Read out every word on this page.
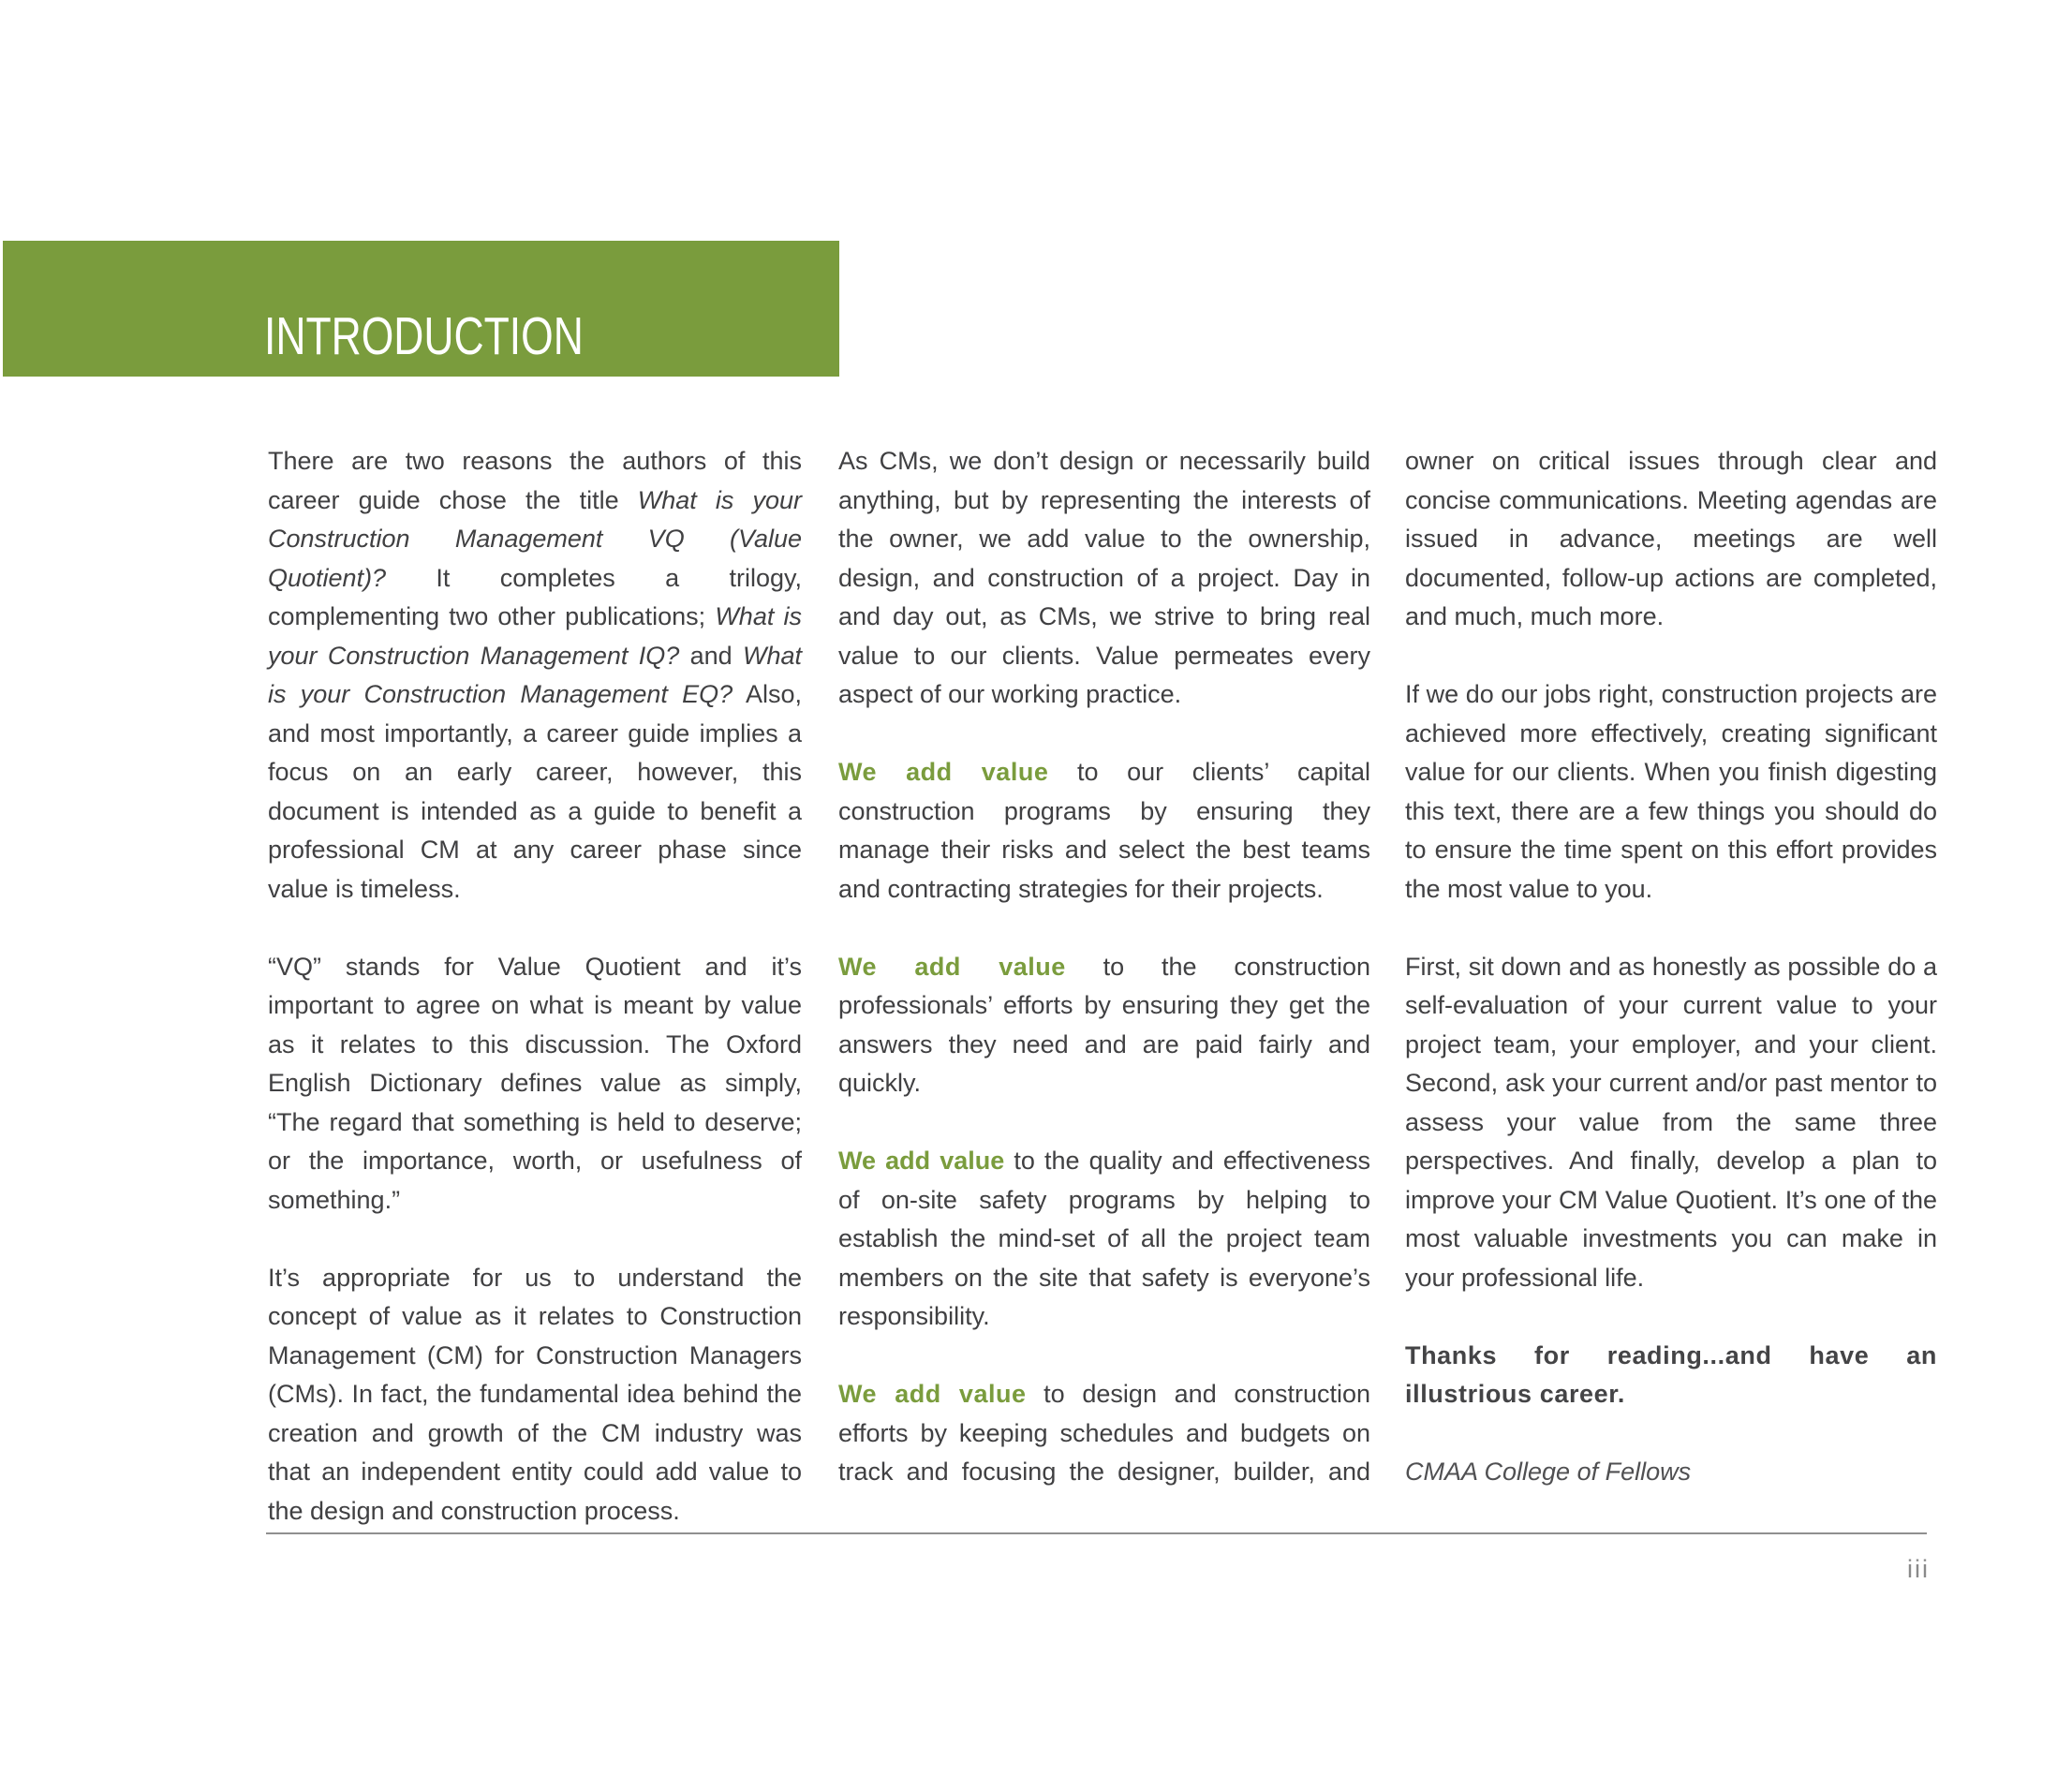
INTRODUCTION

There are two reasons the authors of this career guide chose the title What is your Construction Management VQ (Value Quotient)? It completes a trilogy, complementing two other publications; What is your Construction Management IQ? and What is your Construction Management EQ? Also, and most importantly, a career guide implies a focus on an early career, however, this document is intended as a guide to benefit a professional CM at any career phase since value is timeless.

“VQ” stands for Value Quotient and it’s important to agree on what is meant by value as it relates to this discussion. The Oxford English Dictionary defines value as simply, “The regard that something is held to deserve; or the importance, worth, or usefulness of something.”

It’s appropriate for us to understand the concept of value as it relates to Construction Management (CM) for Construction Managers (CMs). In fact, the fundamental idea behind the creation and growth of the CM industry was that an independent entity could add value to the design and construction process.

As CMs, we don’t design or necessarily build anything, but by representing the interests of the owner, we add value to the ownership, design, and construction of a project. Day in and day out, as CMs, we strive to bring real value to our clients. Value permeates every aspect of our working practice.

We add value to our clients’ capital construction programs by ensuring they manage their risks and select the best teams and contracting strategies for their projects.

We add value to the construction professionals’ efforts by ensuring they get the answers they need and are paid fairly and quickly.

We add value to the quality and effectiveness of on-site safety programs by helping to establish the mind-set of all the project team members on the site that safety is everyone’s responsibility.

We add value to design and construction efforts by keeping schedules and budgets on track and focusing the designer, builder, and

owner on critical issues through clear and concise communications. Meeting agendas are issued in advance, meetings are well documented, follow-up actions are completed, and much, much more.

If we do our jobs right, construction projects are achieved more effectively, creating significant value for our clients. When you finish digesting this text, there are a few things you should do to ensure the time spent on this effort provides the most value to you.

First, sit down and as honestly as possible do a self-evaluation of your current value to your project team, your employer, and your client. Second, ask your current and/or past mentor to assess your value from the same three perspectives. And finally, develop a plan to improve your CM Value Quotient. It’s one of the most valuable investments you can make in your professional life.

Thanks for reading...and have an illustrious career.

CMAA College of Fellows

iii
